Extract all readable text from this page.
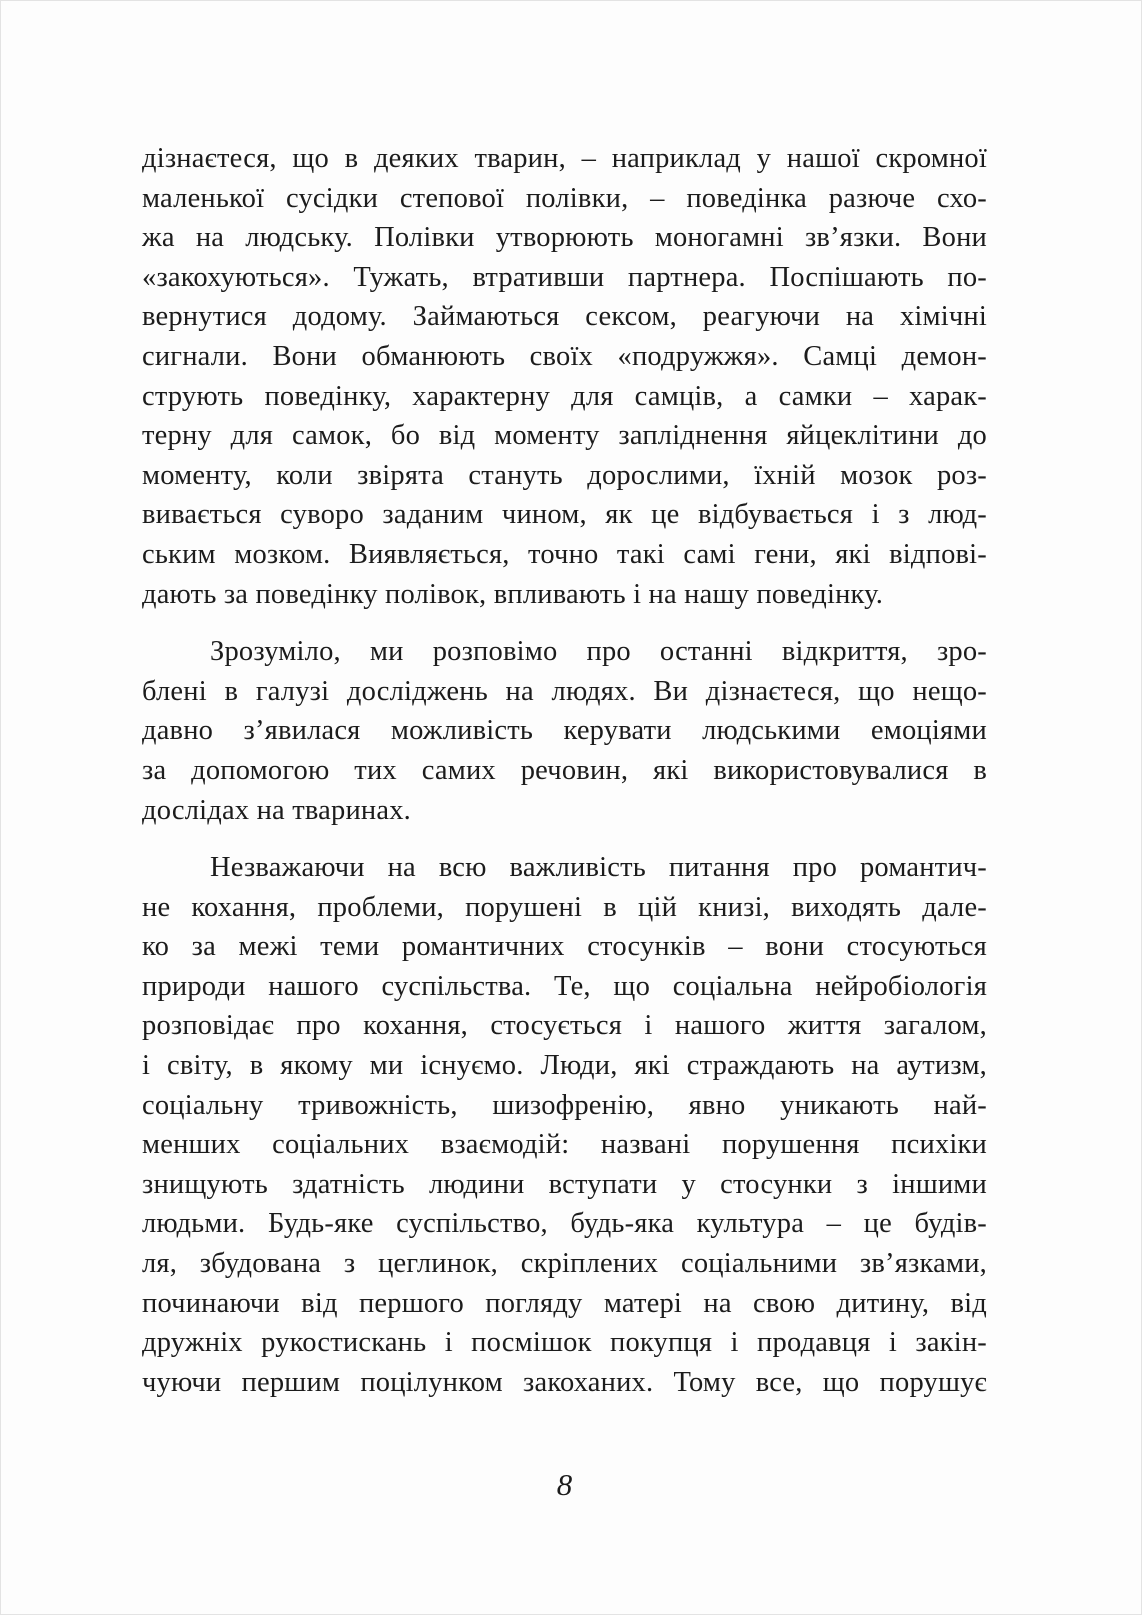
дізнаєтеся, що в деяких тварин, – наприклад у нашої скромної
маленької сусідки степової полівки, – поведінка разюче схо-
жа на людську. Полівки утворюють моногамні зв’язки. Вони
«закохуються». Тужать, втративши партнера. Поспішають по-
вернутися додому. Займаються сексом, реагуючи на хімічні
сигнали. Вони обманюють своїх «подружжя». Самці демон-
струють поведінку, характерну для самців, а самки – харак-
терну для самок, бо від моменту запліднення яйцеклітини до
моменту, коли звірята стануть дорослими, їхній мозок роз-
вивається суворо заданим чином, як це відбувається і з люд-
ським мозком. Виявляється, точно такі самі гени, які відпові-
дають за поведінку полівок, впливають і на нашу поведінку.
Зрозуміло, ми розповімо про останні відкриття, зро-
блені в галузі досліджень на людях. Ви дізнаєтеся, що нещо-
давно з’явилася можливість керувати людськими емоціями
за допомогою тих самих речовин, які використовувалися в
дослідах на тваринах.
Незважаючи на всю важливість питання про романтич-
не кохання, проблеми, порушені в цій книзі, виходять дале-
ко за межі теми романтичних стосунків – вони стосуються
природи нашого суспільства. Те, що соціальна нейробіологія
розповідає про кохання, стосується і нашого життя загалом,
і світу, в якому ми існуємо. Люди, які страждають на аутизм,
соціальну тривожність, шизофренію, явно уникають най-
менших соціальних взаємодій: названі порушення психіки
знищують здатність людини вступати у стосунки з іншими
людьми. Будь-яке суспільство, будь-яка культура – це будів-
ля, збудована з цеглинок, скріплених соціальними зв’язками,
починаючи від першого погляду матері на свою дитину, від
дружніх рукостискань і посмішок покупця і продавця і закін-
чуючи першим поцілунком закоханих. Тому все, що порушує
8
